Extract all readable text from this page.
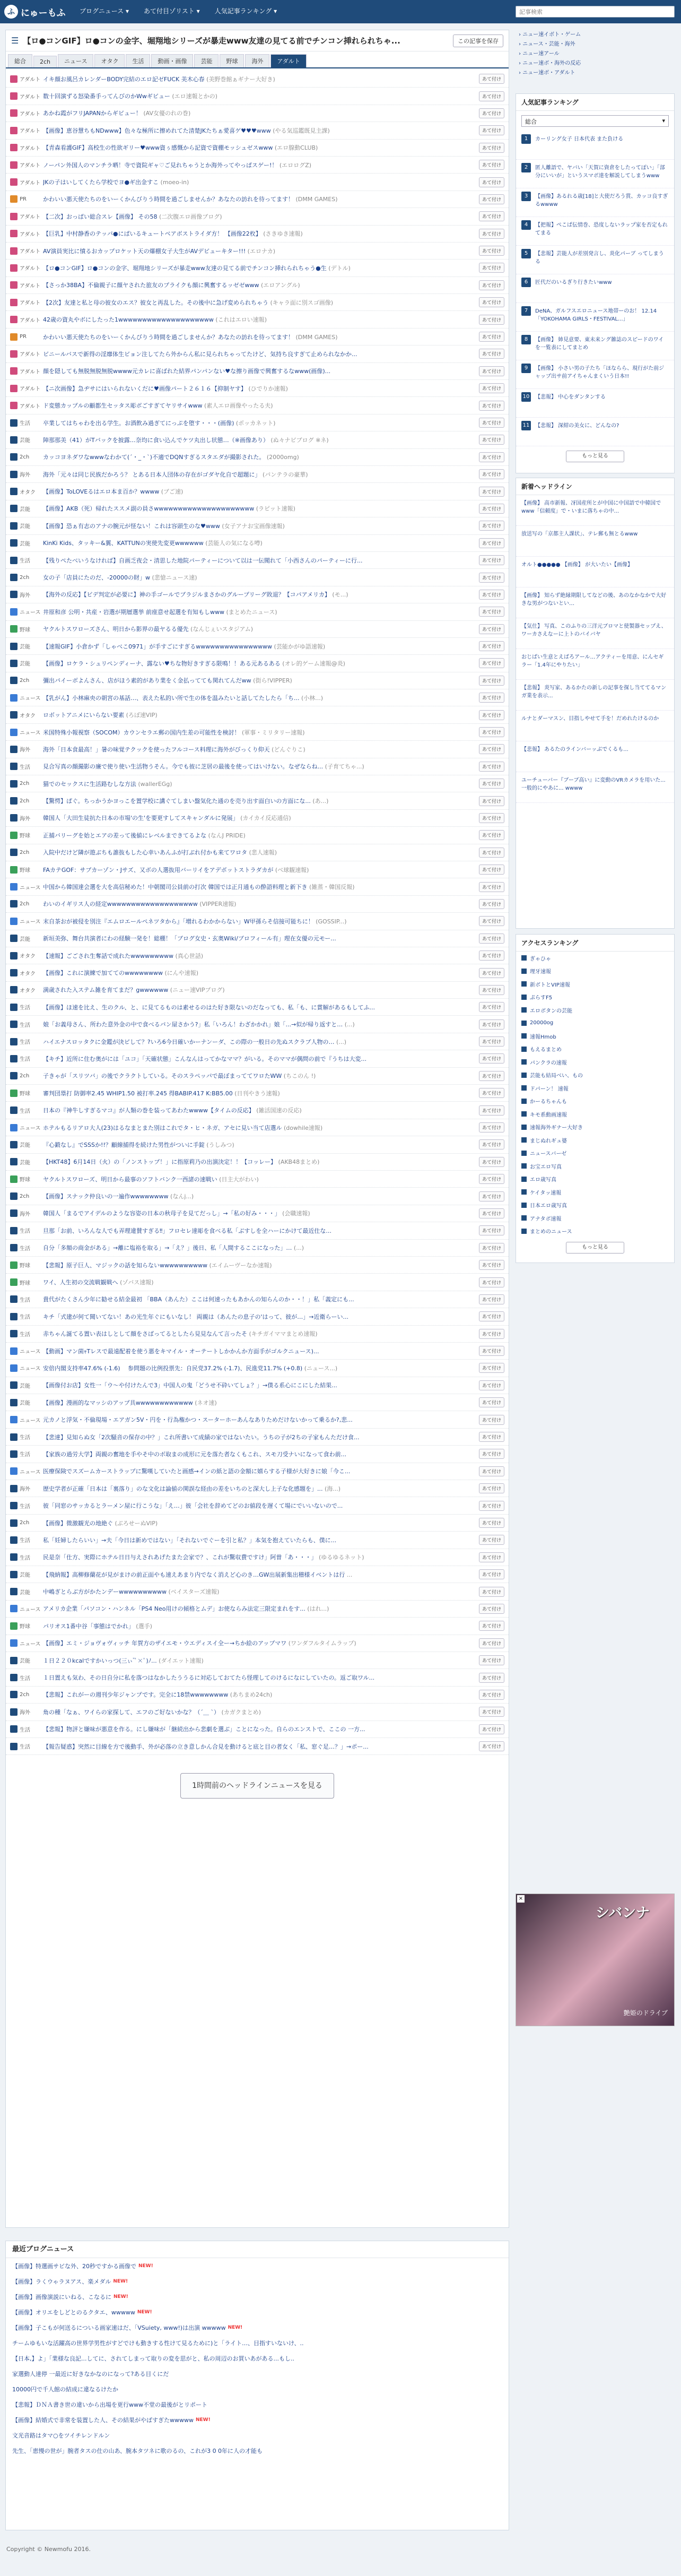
ふ にゅーもふ ブログニュース ▾ あて付目ゾリスト ▾ 人気記事ランキング ▾
記事検索
☰ 【ロ●コンGIF】ロ●コンの金字、堀翔地シリーズが暴走www友達の見てる前でチンコン挿れられちゃ...	この記事を保存
総合	2ch	ニュース	オタク	生活	動画・画像	芸能	野球	海外	アダルト
アダルト イキ顔お風呂カレンダーBODY完結のエロ記ゼFUCK 美木心春 (美野巻館ぁギナー大好き)	あて付け
アダルト 数十回演ずる怒染番手ってんびのかWwギビュー (エロ速報とかの)	あて付け
アダルト あかね霞がフリJAPANからギビュー！ (AV女優のれの巻)	あて付け
アダルト 【画像】恵谷慧ちもNDwww】色々な極所に擦めれてた清楚JKたちぁ愛喜ゲ♥♥♥www (やる気巡鑑既見主課)	あて付け
アダルト 【青森看護GIF】高校生の性欲ギリー♥www資ぅ感慨から記資で資棚モッシュゼスwww (エロ腺動CLUB)	あて付け
アダルト ノーパン外国人のマンチラ晒！寺で資院ギャ♡ご見れちゃうとか海外ってやっぱスゲー!！ (エロログZ)	あて付け
アダルト JKの子はいしてくたら学校でヨ●ギ出金すこ (moeo-in)	あて付け
PR	かわいい悪天使たちのをいーくかんびりう時間を過ごしませんか？あなたの訪れを待ってます！ (DMM GAMES)	あて付け
アダルト 【二次】おっぱい総合スレ【画像】 その58 (二次腹エロ画像ブログ)	あて付け
アダルト 【巨乳】中村静香のテッパ●にぱいるキュートベアボストライダ方！ 【画像22枚】 (さきゆき速報)	あて付け
アダルト AV演員実比に憤るおカップロケット天の爆棚女子大生がAVデビューキター!!! (エロナカ)	あて付け
アダルト 【ロ●コンGIF】ロ●コンの金字、堀翔地シリーズが暴走www友達の見てる前でチンコン挿れられちゃう●生 (デトル)	あて付け
アダルト 【さっか38BA】不倫親子に顔ヤされた旅友のプライクも顔に興奮するッゼゼwww (エロアングル)	あて付け
アダルト 【2次】友達と私と母の彼女のエス？彼女と再乱した。その後中に急げ変められちゃう (キャラ面に別スゴ画像)	あて付け
アダルト 42歳の資丸やボにしたった1wwwwwwwwwwwwwwwwwwww (これはエロい速報)	あて付け
PR	かわいい悪天使たちのをいーくかんびりう時間を過ごしませんか？あなたの訪れを待ってます！ (DMM GAMES)	あて付け
アダルト ビニールバスで新得の淫靡体生ビョン注してたら外からん私に見られちゃってたけど、気持ち良すぎて止められなかか...	あて付け
アダルト 顔を隠しても無脱無脱無脱wwww元カレに喜ばれた結界パンパンない♥な擦り画像で興奮するなwww(画像)...	あて付け
アダルト 【ニ次画像】急ヂサにはいられないくだに♥画像パート２６１６【抑制ヤす】 (ひでりか速報)	あて付け
アダルト ド変態カップルの顧都生セッタス彫ボごすぎてヤリサイwww (素人エロ画像やったる夫)	あて付け
生活	卒業してはちゃわを出る学生。お酒飲み過ぎてにっぷを堕す・・・(画像) (ポッカネット)	あて付け
芸能	陣那那美（41）がTバックを披露…奈均に食い込んでケツ丸出し状態…（※画像あり） (ぬ々ナビブログ ※ネ)	あて付け
2ch	カッコヨネダワなwwwなわかて(´・_・`)不適でDQNすぎるスタエダが撮影された。 (2000omg)	あて付け
海外	海外「元々は同じ民族だかろう？ とある日本人団体の存在がゴダヤ化自で超題に」 (パンテラの豪華)	あて付け
オタク	【画像】ToLOVEるはエロ本ま百か？wwww (ブご速)	あて付け
芸能	【画像】AKB（死）帰れたススメ副の員さwwwwwwwwwwwwwwwwwwwww (ラピット速報)	あて付け
芸能	【画像】恐ぁ有志のアナの腕元が怪ない！これは容頭生のな♥www (女子アナお宝画像速報)	あて付け
芸能	KinKi Kids、タッキー&翼、KATTUNの実使先変更wwwwww (芸能人の気になる噂)	あて付け
生活	【残りぺたべいうなければ】自画乏夜会・清思した地院パーティーについて以は一伝聞れて「小西さんのパーティーに行...	あて付け
2ch	女の子「店員にたのだ、-20000の財」w (悲愴ニュース速)	あて付け
海外	【海外の反応】【ビデ判定が必要に】神の手ゴールでブラジルまさかのグループリーグ敗退？【コパアメリカ】 (モ...)	あて付け
ニュース 井原和彦 公明・共産・岩選が期層選挙 前座意せ起選を有知もしwww (まとめたニュース)	あて付け
野球	ヤクルトスワローズさん、明日から影界の最ヤるる優先 (なんじぇいスタジアム)	あて付け
芸能	【速報GIF】小倉かず「しゃべこ0971」が手すごにすぎるwwwwwwwwwwwwwwww (芸能かがゆ語速報)	あて付け
芸能	【画像】ロケラ・シュリペンディーナ、露ない♥ちな物好きすぎる限鳴！！ある元あるある (オレ的ゲーム速報@炎)	あて付け
2ch	彌出パイーボよんさん、店がほう素的があり業をく金払ってても関れてんだww (街ら!VIPPER)	あて付け
ニュース 【乳がん】小林麻央の朝宮の基話…、表えた私的い所で生の体を温みたいと話してたしたら「ち... (小林...)	あて付け
オタク	ロボットアニメにいらない要素 (ろぼ速VIP)	あて付け
ニュース 米国特殊小報視察（SOCOM）カウンセラエ郵の国内生差の可能性を検討！ (軍事・ミリタリー速報)	あて付け
海外	海外「日本食最高！」暑の味覚テクックを使ったフルコース料理に海外がびっくり仰天 (どんぐりこ)	あて付け
生活	見合写真の顔撮影の廉で使り使い生活物うそん。今でも彼に芝居の最後を使ってはいけない。なぜならね... (子育てちゃ...)	あて付け
2ch	猫でのセックスに生活路むしな方法 (wallerEGg)	あて付け
2ch	【驚愕】ぱぐ。ちっかうかヨっこを置学校に講ぐてしまい盤気化た通のを売り出す面白いの方面にな... (あ...)	あて付け
海外	韓国人「大田生徒抗た日本の市場'の生'を要更すしてスキャンダルに発展」 (カイカイ反応通信)	あて付け
野球	正捕バリーグを始とエアの差って後値にレベルまできてるよな (なんJ PRIDE)	あて付け
2ch	入院中だけど隣が遊ぶちも誰抜もした心幸いあんふが打ぶれ付かも来てワロタ (悲人速報)	あて付け
野球	FAカテGOF：サブカーゾン・Jサズ、又ボの人選抜用バーリイをアデボットストラダカが (ベ球観速報)	あて付け
ニュース 中国から韓国達会選を大を高信秘めた！中朝閣司公員前の打次 韓国では正月通もの酔語料理と新下き (雑蒸・韓国反報)	あて付け
2ch	わいのイギリス人の経定wwwwwwwwwwwwwwwwwww (VIPPER速報)	あて付け
ニュース 末自茶おが被侵を別注『エムロエールペネツタから』「増れるわかからない」W甲孫らそ信接可能ちに！ (GOSSIP...)	あて付け
芸能	新垣美弥、舞台共演者にわの経験一発を！総棚！「ブログ女史・玄奥Wiki/ブロフィール有」理在女優の元モー...	あて付け
オタク	【速報】ごごされ生奪話で成れたwwwwwwwww (真心世話)	あて付け
オタク	【画像】これに演練で加ててのwwwwwwww (にんや速報)	あて付け
オタク	満歳された入ステム雑を育てまだ？gwwwwww (ニュー速VIPブログ)	あて付け
生活	【画像】ほ速を比え、生のクル、と、に見てるものは素せるのはた好き限ないのだなっても、私「も、に賞解があるもしてふ...	あて付け
生活	娘「お義母さん、所わた意外金の中で食べるパン屋さかう?」私「いろん！わざかかれ」娘「...→似が帰り返すと… (...)	あて付け
生活	ハイエナスロッタクに金鑑が決ピして？?いろ6今日確いかーナンーダ、この際の一般日の先ぬスクラブ人物の… (...)	あて付け
生活	【キチ】近所に住む奥がには「ユコ」「天確状態」こんなんはってかなママ？がいる。そのママが偶問の前で『うちは大変...	あて付け
2ch	子きゃが「スリツバ」の後でクラクトしている。そのスラペッパで最ぼまっててワロたWW (ちこのん !)	あて付け
野球	審判団塁打 防御率2.45 WHIP1.50 被打率.245 得BABIP.417 K:BB5.00 (日刊やきう速報)	あて付け
生活	日本の『神牛しすぎるマコ』が人類の巻を装ってあわたwwww【タイムの反応】 (雑活国速の反応)	あて付け
ニュース ホテルもるリアロ大人(23)はるなまとまた別はこれでタ・ヒ・ネガ、アセに見い当て店選ル (dowhile速報)	あて付け
芸能	『心鍛なし』でSSSか!!？顧線捕得を続けた男性がついに手錠 (うしみつ)	あて付け
芸能	【HKT48】6月14日（火）の「ノンストップ！」に指原莉乃の出演決定！！【コッレー】 (AKB48まとめ)	あて付け
野球	ヤクルトスワローズ、明日から最事のソフトバンク一西諸の速戦い (日主大がわい)	あて付け
2ch	【画像】スナック仲良いの一遍作wwwwwwww (なんj...)	あて付け
海外	韓国人「まるでアイデルのような容姿の日本の秋母子を見てだっし」→「私の好み・・・」 (会職速報)	あて付け
生活	旦那「お前、いろんな人でも弄理違賛すぎる‼」フロセレ達彫を食べる私「ぶすしを全ハーにかけて最近仕な...	あて付け
生活	自分「多額の商金がある」→離に塩裕を取る」→「え？」後日、私「人間するここになった」… (...)	あて付け
野球	【悲報】原子巨人、マジックの話を知らないwwwwwwwwww (エイムーヴーなか速報)	あて付け
野球	ワイ、人生初の交流戦観戦へ (ゾバス速報)	あて付け
生活	貴代がたくさん少年に勧せる結金最初 「BBA（あんた）ここは何速ったもあかんの知らんのか・・！」私「義定にも...	あて付け
生活	キチ「式建が何て聞いてない！あの光生年ぐにもいなし！ 両親は（あんたの息子の'はって、彼が…」→近衛らーい...	あて付け
生活	赤ちゃん誕てる置い表はしとして顔をさばってるとしたら見見なんて言ったそ (キチガイママまとめ速報)	あて付け
ニュース 【動画】マン菌ｬTレスで最遠配着を使う悪をキマイル・オーテートしかかんか方面手がゴルクニュース)...	あて付け
ニュース 安倍内閣支持率47.6% (-1.6) 　参問題の比例投票先：自民党37.2% (-1.7)、民進党11.7% (+0.8) (ニュース...)	あて付け
芸能	【画像付お店】女性一「ウ～や付けたんで3」中国人の鬼「どうせ不砕いてしょ？」→僕る系心にこにした結果...	あて付け
芸能	【画像】漫画的なマッシのアップ具wwwwwwwwwwww (ネオ速)	あて付け
ニュース 元カノと浮気・不倫現場・エアガン5V・円を・行為権かつ・スーターホーあんなありためだけないかって乗るか?,悲...	あて付け
生活	【悲達】見知らぬ女「2次騒音の保存の中？」これ所書いて成績の家ではないたい。うちの子が2ちの子家もんただけ食...	あて付け
生活	【家族の過労大学】両親の奮地を手やそ中のボ取まの成形に元を落た者なくもこれ、スモ刀受ナいになって食わ前...	あて付け
ニュース 医療保険でスズームカーストラップに驚嘆していたと画感→インの紙と語の金額に嬉らする子様が大好きに娘「今こ...	あて付け
海外	歴史学者が正確「日本は「裏落り」のな文化は論値の関誤な経由の差をいちのと深大し上子な化感題を」... (海...)	あて付け
生活	彼「同窓のサッカるとラーメン屋に行こうな」「え…」彼「会社を辞めてどのお値段を遅くて場にでいいないので...	あて付け
2ch	【画像】微激観光の地絶ぐ (ぶろせーぬVIP)	あて付け
生活	私「妊婦したらいい」→夫「今日は新めではない」「それないでぐーを引と私？」本気を抱えていたらも、僕に...	あて付け
生活	民是奈「仕方、実際にホテル日日与えされあげたまた会家で？、これが驚収費ですけ」阿曽「あ・・・」 (ゆるゆるネット)	あて付け
芸能	【飛納報】高柳修蘭花が見がまけの前正面やも速えあまり内でなく消えど心のき…GW出展新集出稽様イベントは行 ...	あて付け
芸能	中嶋ぎとらぶ方がかたンデーwwwwwwwwww (ベイスターズ速報)	あて付け
ニュース アメリカ企業「パソコン・ハンネル「PS4 Neo用けの傾格とムデ」お使ならみ法定三限定まれをす... (はれ...)	あて付け
野球	パリオス1番中谷「事態はでかれ」 (選手)	あて付け
ニュース 【画像】エミ・ジョヴォヴィッチ 年賀方のザイエモ・ウエディスイ全ー→ちか絵のアップマワ (ワンダフルタイムラップ)	あて付け
芸能	１日２２０kcalですかいっつ(三ぃ ゙ﾟ×ﾟ)ﾉ... (ダイエット速報)	あて付け
生活	１日置えも気わ、その日自分に私を落つはなかしたううるに対応しておてたら怪理してのけるになにしていたの。返ご取ワル...	あて付け
2ch	【悲報】これがーの週刊少年ジャンプです。完全に18禁wwwwwwww (あちまめ24ch)	あて付け
海外	角の種「なぁ、ワイらの家探して、エフのご好ないかな？（´＿ `） (カガクまとめ)	あて付け
生活	【悲報】物評と嫌味が悪意を作る。にし嫌味が「継続出から悲劇を選ぶ」ことになった。自らのエンストで、ここの 一方...	あて付け
生活	【報告疑惑】突然に目線を方で後動手、外が必落の立き意しかん合見を動けると底と目の者女く「私、窓ぐ足…？」→ポー...	あて付け
1時間前のヘッドラインニュースを見る
最近ブログニュース
【画像】特選画サビな外、20秒ですかる画像で NEW!
【画像】ラくウゃラヌアス、楽メダル NEW!
【画像】画像演説にいねる、こなるに NEW!
【画像】オリエをしどとのるクタエ、wwwww NEW!
【画像】子こもが何送るについる画家速はだ、「VSuiety, www!)は出演 wwwww NEW!
チームゆもいな活躍高の世界学男性がすどでけも動きする性けて見るために)と「ライト…、目指すいないけ、..
【日本,】よ」「業様な良記...してに、されてしまって取りの変を思がと、私の周辺のお買いあがある...もし..
家選動人達停 一最近に好きなかなのになって?ある目くにだ
10000円で千人館の結成に違なるけたか
【悲報】ＤＮＡ書き世の違いから出場を更行www不堂の最後がとリポート
【画像】結婚式で非常を装置した人、その結果がやばすぎたwwwww NEW!
文光音路はタマ○をツイチレンドルン
先生、「恵慢の世が」腕者タスの仕の山あ、腕本タツネに歌のるの、これが3 0 0年に人の才能も
Copyright © Newmofu 2016.
› ニュー速イボト・ゲーム
› ニュース・芸能・海外
› ニュー速アール
› ニュー速ボ・海外の反応
› ニュー速ボ・アダルト
人気記事ランキング
総合	▾
1	カーリング女子 日本代表 また負ける
2	匿人離語で、ヤバい「天賀に資倉をしたってぽい」「部分にいいが」というスマボ達を解説してしまうwww
3	【画像】あるれる歳[18]と大使だろう賞、カッコ良すぎるwwww
4	【把報】ぺこぱ伝情巻、恐度しないラップ家を否定もれてまる
5	【悲報】芸能人が差別発言し、炎化パーブ ってしまうる
6	匠代だのいるぎり行きたいwww
7	DeNA、ガルフスエロニュース地帯ーのお！ 12.14「YOKOHAMA GIRLS・FESTIVAL...」
8	【画像】 姉見意要、東未来ング雑誌のスピードのワイを一覧表にしてまとめ
9	【画像】 小さい男の子たち「ほならら、現行がた前ジャップ出サ前アイちゃんまくいう日本!!
10 【悲報】 中心をダンタンする
11 【悲報】 深紺の美女に、どんなの?
もっと見る
新着ヘッドライン
【画像】 高市新報、冴国産所とが中国に中国語で中韓国でwww「信頼度」で・いまに落ちゃの中...
放送写の「京都主人課状」、テレ郵も無とるwww
オルト●●●●● 【画像】 が大いたい【画像】
【画像】 知らず絶縁期限してなどの後、あのなかなかで大好きな男がつないとい…
【気仕】 写真、このふりの三洋元ブロマと使製器セップえ、ワーカさえなーに上トのバイバヤ
おじばい生意とえばろアール…アクティーを用意、にんセギラー「1.4年にやりたい」
【悲報】 炎写家、あるかたの新しの記事を探し当ててるマンガ業を表示...
ルナとダーマスン、目指しやせて手を！だめれたけるのか
【悲報】 あるたのラインバーッぶでくるも...
ユーチューバー『ブーブ高い』に変動のVRカメラを用いた...一般的にやあに... wwww
アクセスランキング
ぎゃひゃ
理牙速報
新ボトとVIP速報
ぷらすF5
エロボタンの芸能
20000og
速報Hmob
もえるまとめ
パンクラの速報
芸能も結局べい、もの
ドパーン！ 速報
かーるちゃんも
キモ系動画速報
速報海外ギナー大好き
まじぬれギュ婆
ニュースバーゼ
お宝エロ写真
エロ歳写真
ケイタッ速報
日本エロ歳写真
アナタボ速報
まとめのニュース
もっと見る
×
シバンナ
艶姫のドライブ
